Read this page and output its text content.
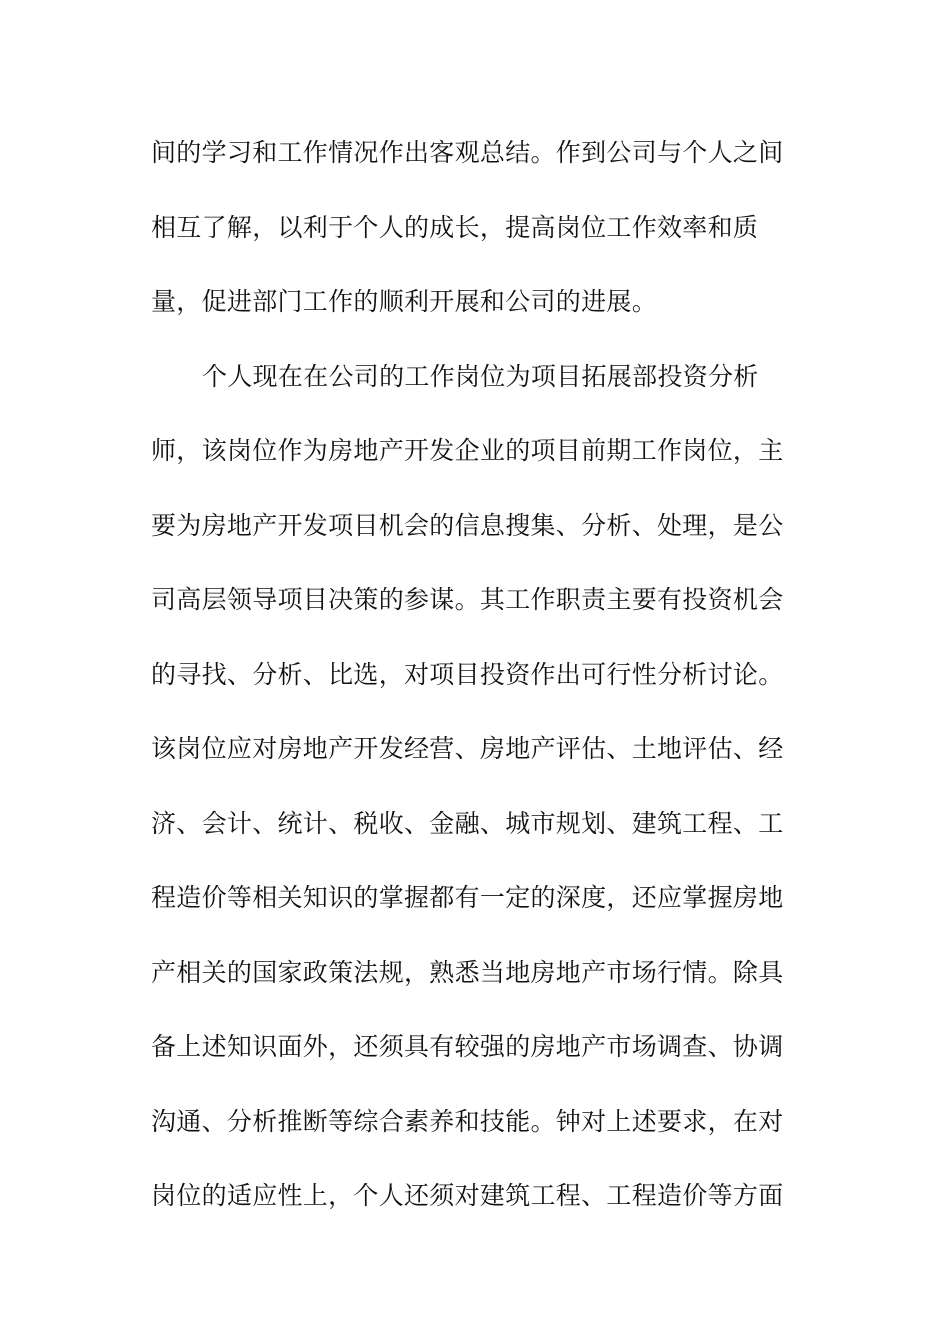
间的学习和工作情况作出客观总结。作到公司与个人之间
相互了解，以利于个人的成长，提高岗位工作效率和质
量，促进部门工作的顺利开展和公司的进展。
个人现在在公司的工作岗位为项目拓展部投资分析
师，该岗位作为房地产开发企业的项目前期工作岗位，主
要为房地产开发项目机会的信息搜集、分析、处理，是公
司高层领导项目决策的参谋。其工作职责主要有投资机会
的寻找、分析、比选，对项目投资作出可行性分析讨论。
该岗位应对房地产开发经营、房地产评估、土地评估、经
济、会计、统计、税收、金融、城市规划、建筑工程、工
程造价等相关知识的掌握都有一定的深度，还应掌握房地
产相关的国家政策法规，熟悉当地房地产市场行情。除具
备上述知识面外，还须具有较强的房地产市场调查、协调
沟通、分析推断等综合素养和技能。钟对上述要求，在对
岗位的适应性上，个人还须对建筑工程、工程造价等方面
